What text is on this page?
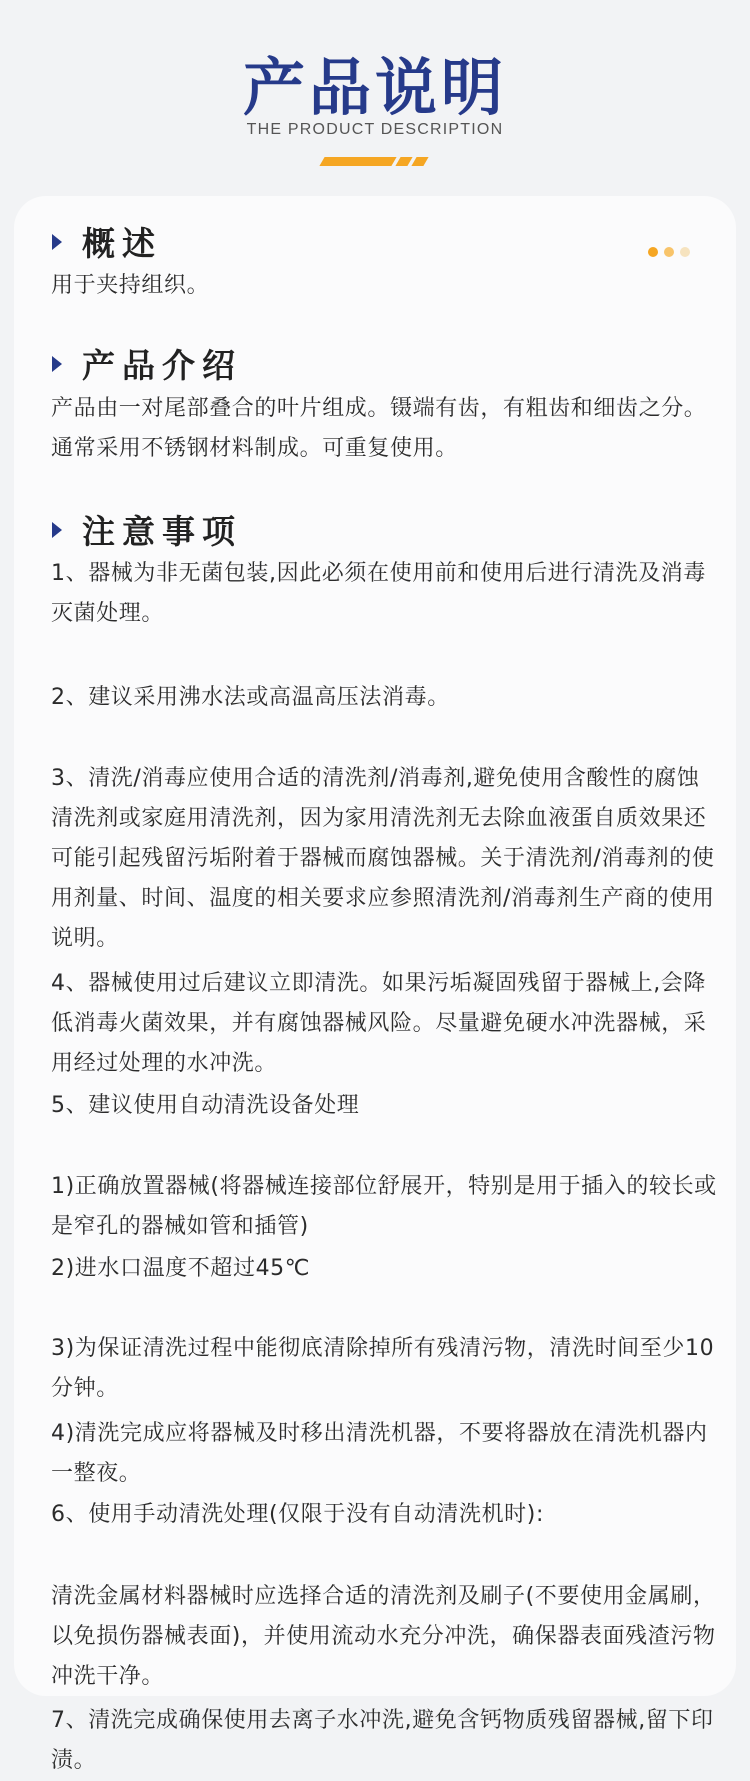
产品说明
THE PRODUCT DESCRIPTION
概述
用于夹持组织。
产品介绍
产品由一对尾部叠合的叶片组成。镊端有齿，有粗齿和细齿之分。通常采用不锈钢材料制成。可重复使用。
注意事项
1、器械为非无菌包装,因此必须在使用前和使用后进行清洗及消毒灭菌处理。
2、建议采用沸水法或高温高压法消毒。
3、清洗/消毒应使用合适的清洗剂/消毒剂,避免使用含酸性的腐蚀清洗剂或家庭用清洗剂，因为家用清洗剂无去除血液蛋自质效果还可能引起残留污垢附着于器械而腐蚀器械。关于清洗剂/消毒剂的使用剂量、时间、温度的相关要求应参照清洗剂/消毒剂生产商的使用说明。
4、器械使用过后建议立即清洗。如果污垢凝固残留于器械上,会降低消毒火菌效果，并有腐蚀器械风险。尽量避免硬水冲洗器械，采用经过处理的水冲洗。
5、建议使用自动清洗设备处理
1)正确放置器械(将器械连接部位舒展开，特别是用于插入的较长或是窄孔的器械如管和插管)
2)进水口温度不超过45℃
3)为保证清洗过程中能彻底清除掉所有残清污物，清洗时间至少10分钟。
4)清洗完成应将器械及时移出清洗机器，不要将器放在清洗机器内一整夜。
6、使用手动清洗处理(仅限于没有自动清洗机时):
清洗金属材料器械时应选择合适的清洗剂及刷子(不要使用金属刷，以免损伤器械表面)，并使用流动水充分冲洗，确保器表面残渣污物冲洗干净。
7、清洗完成确保使用去离子水冲洗,避免含钙物质残留器械,留下印渍。
